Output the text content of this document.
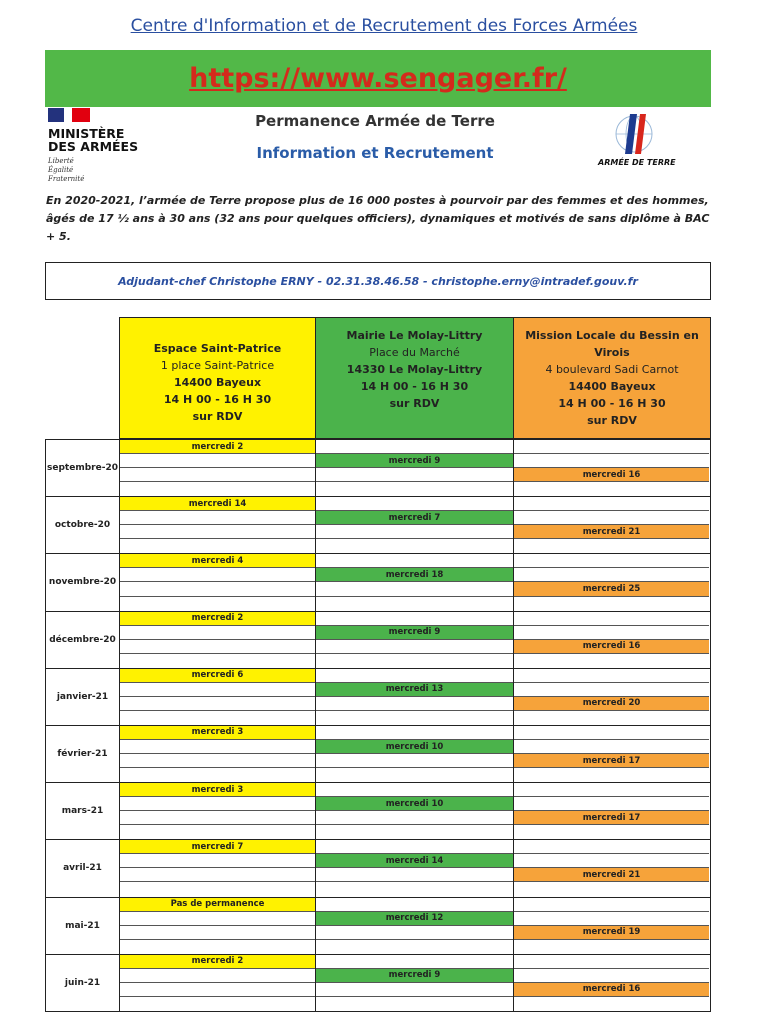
Centre d'Information et de Recrutement des Forces Armées
https://www.sengager.fr/
MINISTÈRE
DES ARMÉES
Liberté
Égalité
Fraternité
Permanence Armée de Terre
Information et Recrutement
ARMÉE DE TERRE
En 2020-2021, l’armée de Terre propose plus de 16 000 postes à pourvoir par des femmes et des hommes, âgés de 17 ½ ans à 30 ans (32 ans pour quelques officiers), dynamiques et motivés de sans diplôme à BAC + 5.
Adjudant-chef Christophe ERNY - 02.31.38.46.58 - christophe.erny@intradef.gouv.fr
Espace Saint-Patrice
1 place Saint-Patrice
14400 Bayeux
14 H 00 - 16 H 30
sur RDV
Mairie Le Molay-Littry
Place du Marché
14330 Le Molay-Littry
14 H 00 - 16 H 30
sur RDV
Mission Locale du Bessin en Virois
4 boulevard Sadi Carnot
14400 Bayeux
14 H 00 - 16 H 30
sur RDV
septembre-20
mercredi 2
mercredi 9
mercredi 16
octobre-20
mercredi 14
mercredi 7
mercredi 21
novembre-20
mercredi 4
mercredi 18
mercredi 25
décembre-20
mercredi 2
mercredi 9
mercredi 16
janvier-21
mercredi 6
mercredi 13
mercredi 20
février-21
mercredi 3
mercredi 10
mercredi 17
mars-21
mercredi 3
mercredi 10
mercredi 17
avril-21
mercredi 7
mercredi 14
mercredi 21
mai-21
Pas de permanence
mercredi 12
mercredi 19
juin-21
mercredi 2
mercredi 9
mercredi 16
